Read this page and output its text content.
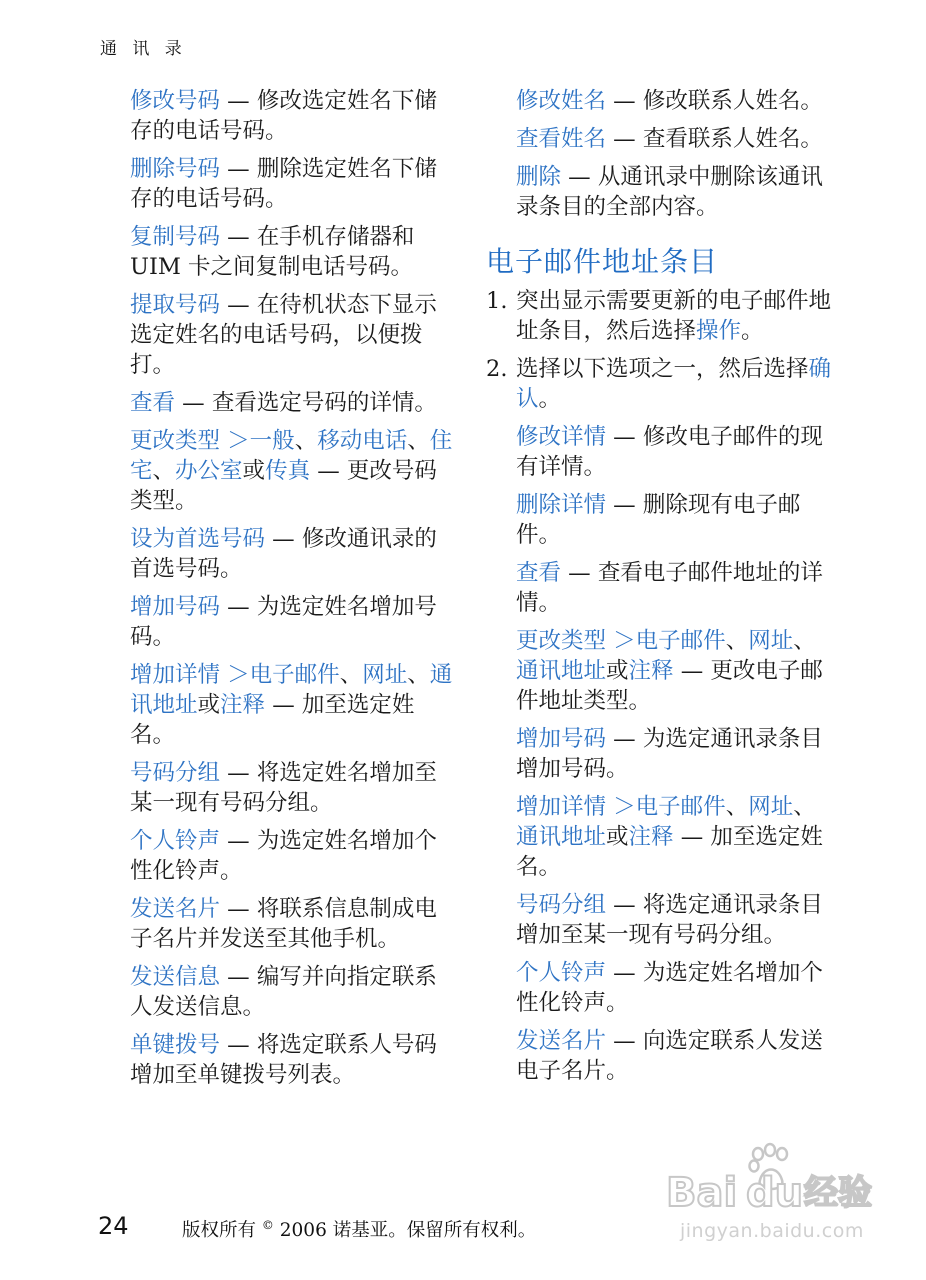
通 讯 录

修改号码 — 修改选定姓名下储存的电话号码。

删除号码 — 删除选定姓名下储存的电话号码。

复制号码 — 在手机存储器和 UIM 卡之间复制电话号码。

提取号码 — 在待机状态下显示选定姓名的电话号码，以便拨打。

查看 — 查看选定号码的详情。

更改类型 ＞一般、移动电话、住宅、办公室或传真 — 更改号码类型。

设为首选号码 — 修改通讯录的首选号码。

增加号码 — 为选定姓名增加号码。

增加详情 ＞电子邮件、网址、通讯地址或注释 — 加至选定姓名。

号码分组 — 将选定姓名增加至某一现有号码分组。

个人铃声 — 为选定姓名增加个性化铃声。

发送名片 — 将联系信息制成电子名片并发送至其他手机。

发送信息 — 编写并向指定联系人发送信息。

单键拨号 — 将选定联系人号码增加至单键拨号列表。

修改姓名 — 修改联系人姓名。

查看姓名 — 查看联系人姓名。

删除 — 从通讯录中删除该通讯录条目的全部内容。

电子邮件地址条目
1. 突出显示需要更新的电子邮件地址条目，然后选择操作。
2. 选择以下选项之一，然后选择确认。

修改详情 — 修改电子邮件的现有详情。

删除详情 — 删除现有电子邮件。

查看 — 查看电子邮件地址的详情。

更改类型 ＞电子邮件、网址、通讯地址或注释 — 更改电子邮件地址类型。

增加号码 — 为选定通讯录条目增加号码。

增加详情 ＞电子邮件、网址、通讯地址或注释 — 加至选定姓名。

号码分组 — 将选定通讯录条目增加至某一现有号码分组。

个人铃声 — 为选定姓名增加个性化铃声。

发送名片 — 向选定联系人发送电子名片。

24	版权所有 © 2006 诺基亚。保留所有权利。
Bai du 经验
jingyan.baidu.com
